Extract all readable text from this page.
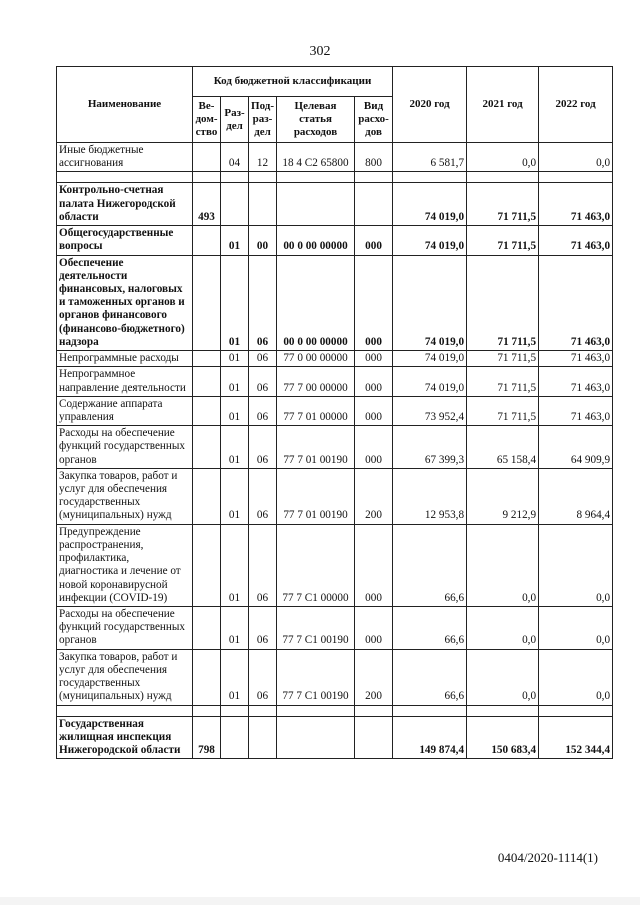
302
Наименование	Код бюджетной классификации					2020 год	2021 год	2022 год
	Ве-дом-ство	Раз-дел	Под-раз-дел	Целевая статья расходов	Вид расхо-дов			
Иные бюджетные ассигнования		04	12	18 4 C2 65800	800	6 581,7	0,0	0,0

Контрольно-счетная палата Нижегородской области	493					74 019,0	71 711,5	71 463,0
Общегосударственные вопросы		01	00	00 0 00 00000	000	74 019,0	71 711,5	71 463,0
Обеспечение деятельности финансовых, налоговых и таможенных органов и органов финансового (финансово-бюджетного) надзора		01	06	00 0 00 00000	000	74 019,0	71 711,5	71 463,0
Непрограммные расходы		01	06	77 0 00 00000	000	74 019,0	71 711,5	71 463,0
Непрограммное направление деятельности		01	06	77 7 00 00000	000	74 019,0	71 711,5	71 463,0
Содержание аппарата управления		01	06	77 7 01 00000	000	73 952,4	71 711,5	71 463,0
Расходы на обеспечение функций государственных органов		01	06	77 7 01 00190	000	67 399,3	65 158,4	64 909,9
Закупка товаров, работ и услуг для обеспечения государственных (муниципальных) нужд		01	06	77 7 01 00190	200	12 953,8	9 212,9	8 964,4
Предупреждение распространения, профилактика, диагностика и лечение от новой коронавирусной инфекции (COVID-19)		01	06	77 7 C1 00000	000	66,6	0,0	0,0
Расходы на обеспечение функций государственных органов		01	06	77 7 C1 00190	000	66,6	0,0	0,0
Закупка товаров, работ и услуг для обеспечения государственных (муниципальных) нужд		01	06	77 7 C1 00190	200	66,6	0,0	0,0

Государственная жилищная инспекция Нижегородской области	798					149 874,4	150 683,4	152 344,4
0404/2020-1114(1)
